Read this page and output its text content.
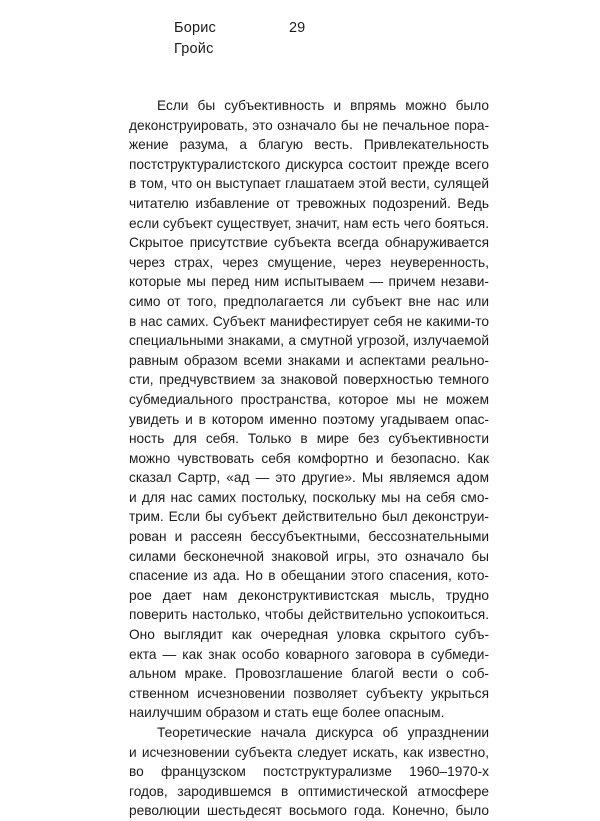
Борис
Гройс
29
Если бы субъективность и впрямь можно было
деконструировать, это означало бы не печальное пора-
жение разума, а благую весть. Привлекательность
постструктуралистского дискурса состоит прежде всего
в том, что он выступает глашатаем этой вести, сулящей
читателю избавление от тревожных подозрений. Ведь
если субъект существует, значит, нам есть чего бояться.
Скрытое присутствие субъекта всегда обнаруживается
через страх, через смущение, через неуверенность,
которые мы перед ним испытываем — причем незави-
симо от того, предполагается ли субъект вне нас или
в нас самих. Субъект манифестирует себя не какими-то
специальными знаками, а смутной угрозой, излучаемой
равным образом всеми знаками и аспектами реально-
сти, предчувствием за знаковой поверхностью темного
субмедиального пространства, которое мы не можем
увидеть и в котором именно поэтому угадываем опас-
ность для себя. Только в мире без субъективности
можно чувствовать себя комфортно и безопасно. Как
сказал Сартр, «ад — это другие». Мы являемся адом
и для нас самих постольку, поскольку мы на себя смо-
трим. Если бы субъект действительно был деконструи-
рован и рассеян бессубъектными, бессознательными
силами бесконечной знаковой игры, это означало бы
спасение из ада. Но в обещании этого спасения, кото-
рое дает нам деконструктивистская мысль, трудно
поверить настолько, чтобы действительно успокоиться.
Оно выглядит как очередная уловка скрытого субъ-
екта — как знак особо коварного заговора в субмеди-
альном мраке. Провозглашение благой вести о соб-
ственном исчезновении позволяет субъекту укрыться
наилучшим образом и стать еще более опасным.
Теоретические начала дискурса об упразднении
и исчезновении субъекта следует искать, как известно,
во французском постструктурализме 1960–1970-х
годов, зародившемся в оптимистической атмосфере
революции шестьдесят восьмого года. Конечно, было
